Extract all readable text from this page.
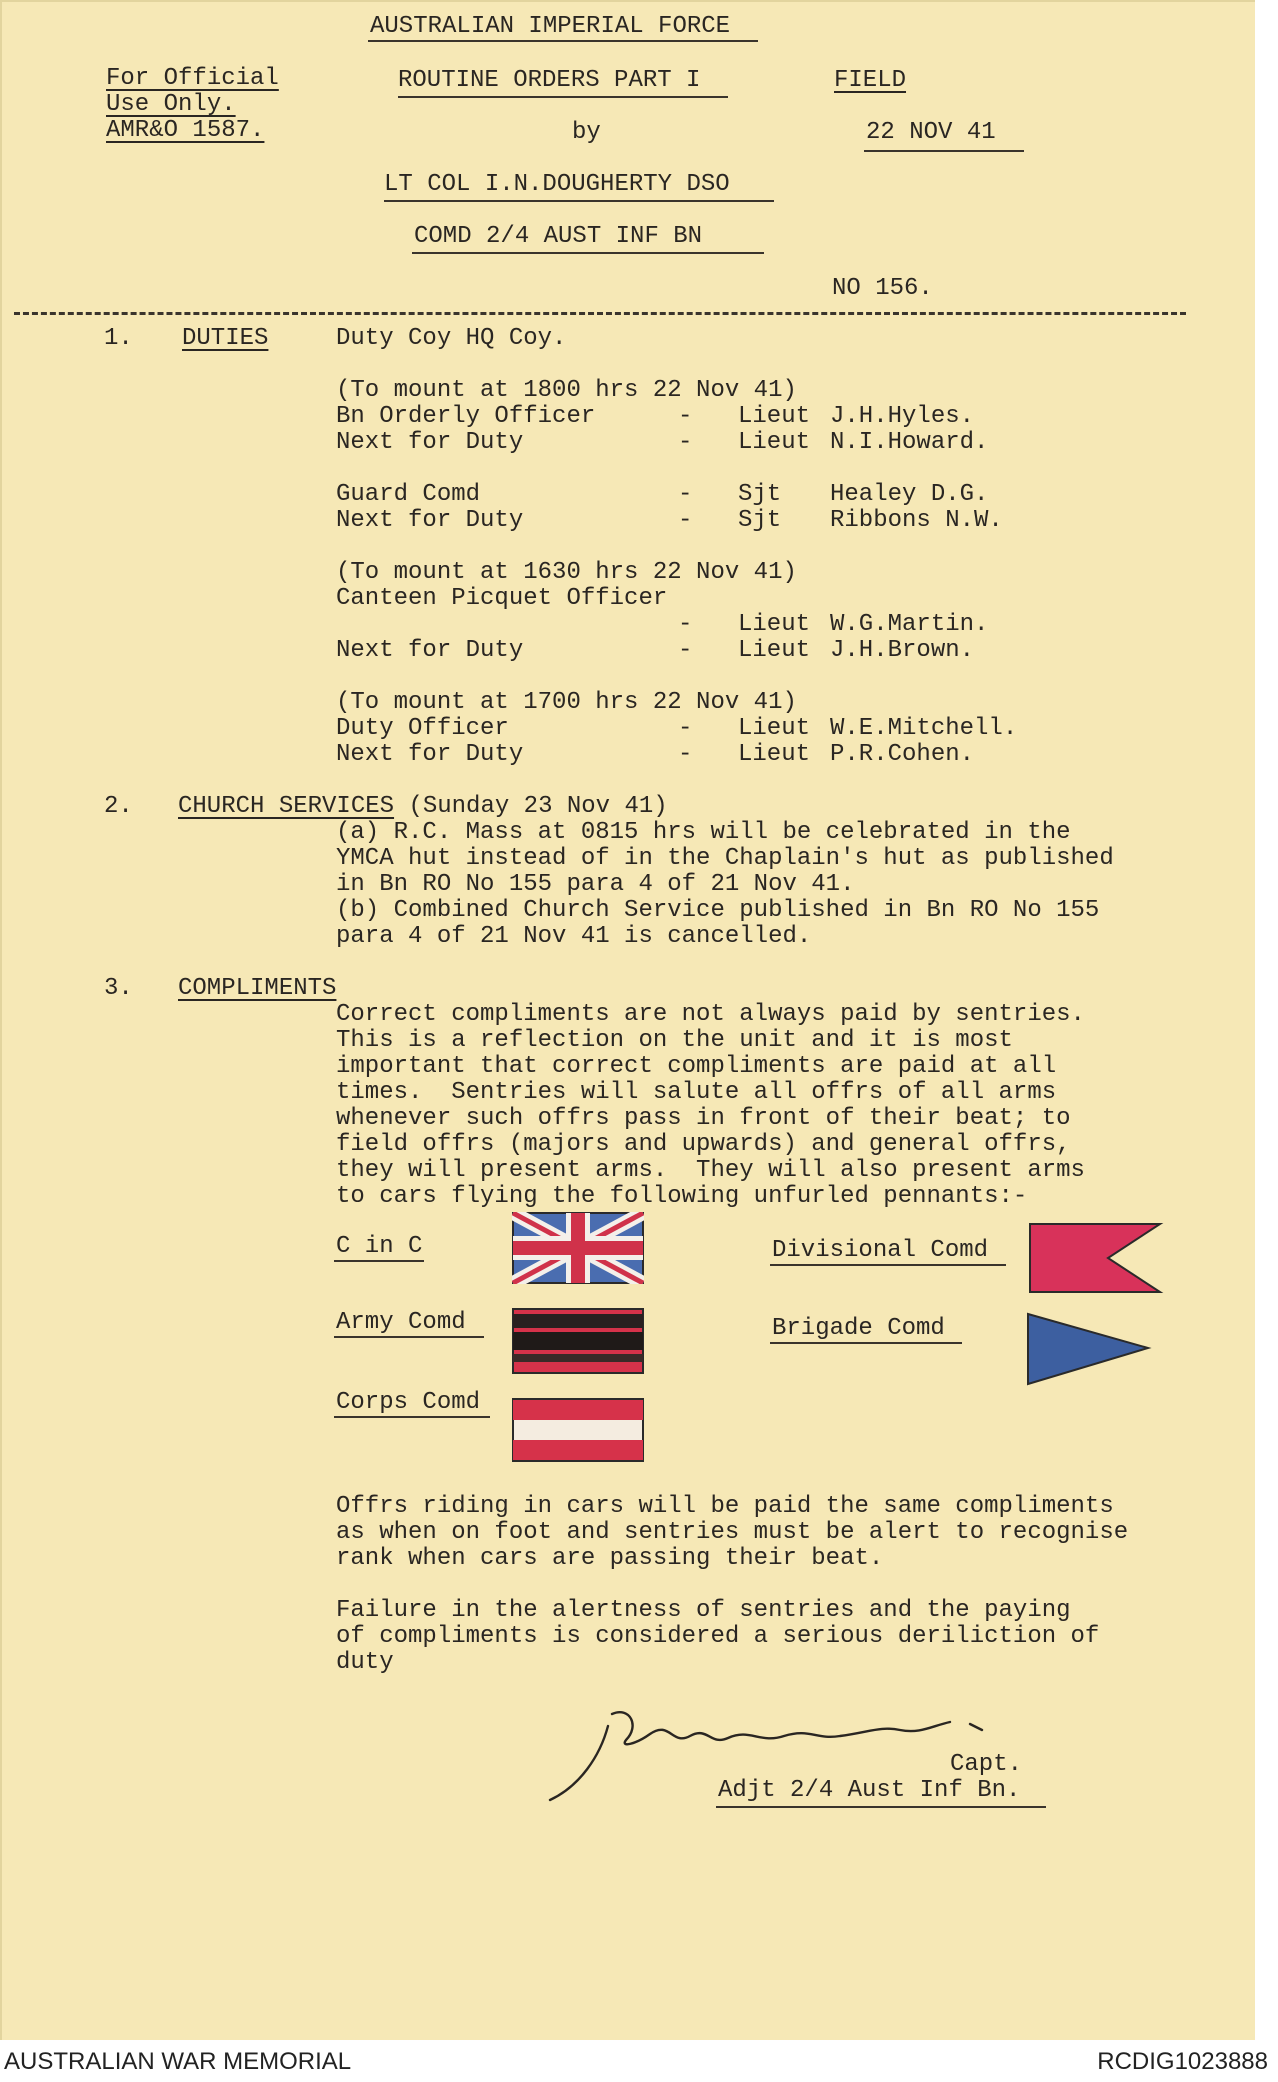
AUSTRALIAN IMPERIAL FORCE
For Official
Use Only.
AMR&O 1587.
ROUTINE ORDERS PART I
by
LT COL I.N.DOUGHERTY DSO
COMD 2/4 AUST INF BN
FIELD
22 NOV 41
NO 156.
1. DUTIES	Duty Coy HQ Coy.
(To mount at 1800 hrs 22 Nov 41)
Bn Orderly Officer	- Lieut J.H.Hyles.
Next for Duty	- Lieut N.I.Howard.
Guard Comd	- Sjt Healey D.G.
Next for Duty	- Sjt Ribbons N.W.
(To mount at 1630 hrs 22 Nov 41)
Canteen Picquet Officer
- Lieut W.G.Martin.
Next for Duty	- Lieut J.H.Brown.
(To mount at 1700 hrs 22 Nov 41)
Duty Officer	- Lieut W.E.Mitchell.
Next for Duty	- Lieut P.R.Cohen.
2. CHURCH SERVICES (Sunday 23 Nov 41)
(a) R.C. Mass at 0815 hrs will be celebrated in the
YMCA hut instead of in the Chaplain's hut as published
in Bn RO No 155 para 4 of 21 Nov 41.
(b) Combined Church Service published in Bn RO No 155
para 4 of 21 Nov 41 is cancelled.
3. COMPLIMENTS
Correct compliments are not always paid by sentries.
This is a reflection on the unit and it is most
important that correct compliments are paid at all
times.  Sentries will salute all offrs of all arms
whenever such offrs pass in front of their beat; to
field offrs (majors and upwards) and general offrs,
they will present arms.  They will also present arms
to cars flying the following unfurled pennants:-
C in C
Army Comd
Corps Comd
Divisional Comd
Brigade Comd
Offrs riding in cars will be paid the same compliments
as when on foot and sentries must be alert to recognise
rank when cars are passing their beat.
Failure in the alertness of sentries and the paying
of compliments is considered a serious deriliction of
duty
Capt.
Adjt 2/4 Aust Inf Bn.
AUSTRALIAN WAR MEMORIAL	RCDIG1023888
